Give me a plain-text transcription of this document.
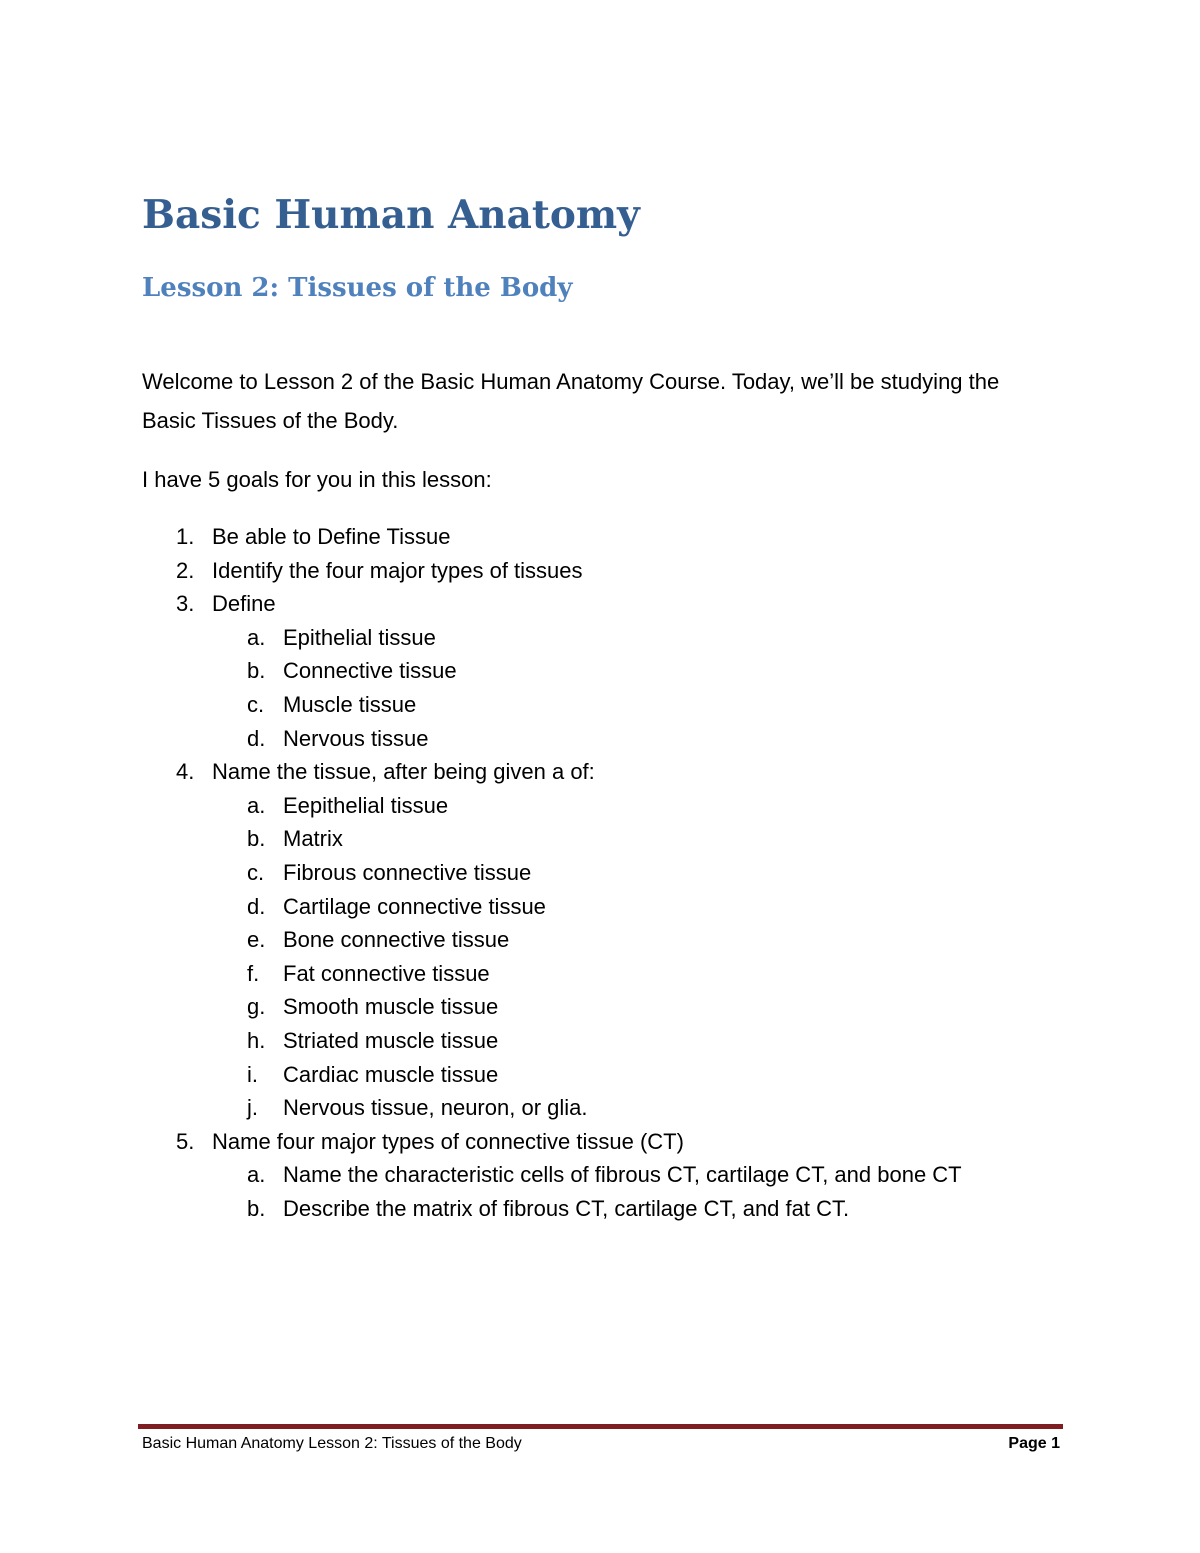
Basic Human Anatomy
Lesson 2: Tissues of the Body

Welcome to Lesson 2 of the Basic Human Anatomy Course. Today, we’ll be studying the Basic Tissues of the Body.

I have 5 goals for you in this lesson:

1. Be able to Define Tissue
2. Identify the four major types of tissues
3. Define
a. Epithelial tissue
b. Connective tissue
c. Muscle tissue
d. Nervous tissue
4. Name the tissue, after being given a of:
a. Eepithelial tissue
b. Matrix
c. Fibrous connective tissue
d. Cartilage connective tissue
e. Bone connective tissue
f.	Fat connective tissue
g. Smooth muscle tissue
h. Striated muscle tissue
i.	Cardiac muscle tissue
j.	Nervous tissue, neuron, or glia.
5. Name four major types of connective tissue (CT)
a. Name the characteristic cells of fibrous CT, cartilage CT, and bone CT
b. Describe the matrix of fibrous CT, cartilage CT, and fat CT.
Basic Human Anatomy Lesson 2: Tissues of the Body	Page 1
